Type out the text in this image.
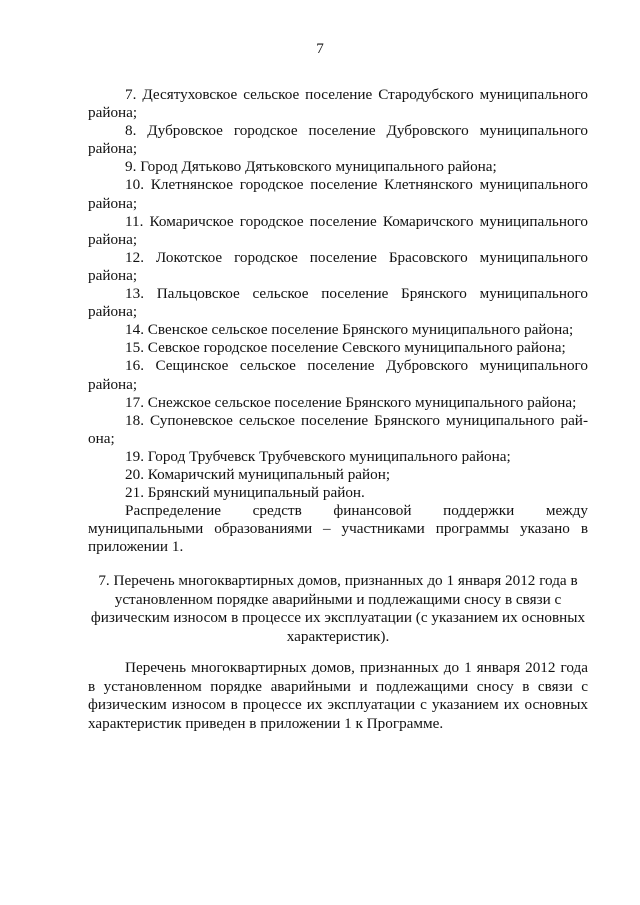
7
7. Десятуховское сельское поселение Стародубского муниципального
района;
8. Дубровское городское поселение Дубровского муниципального
района;
9. Город Дятьково Дятьковского муниципального района;
10. Клетнянское городское поселение Клетнянского муниципального
района;
11. Комаричское городское поселение Комаричского муниципального
района;
12. Локотское городское поселение Брасовского муниципального
района;
13. Пальцовское сельское поселение Брянского муниципального
района;
14. Свенское сельское поселение Брянского муниципального района;
15. Севское городское поселение Севского муниципального района;
16. Сещинское сельское поселение Дубровского муниципального
района;
17. Снежское сельское поселение Брянского муниципального района;
18. Супоневское сельское поселение Брянского муниципального рай-
она;
19. Город Трубчевск Трубчевского муниципального района;
20. Комаричский муниципальный район;
21. Брянский муниципальный район.
Распределение средств финансовой поддержки между
муниципальными образованиями – участниками программы указано в
приложении 1.
7. Перечень многоквартирных домов, признанных до 1 января 2012 года в
установленном порядке аварийными и подлежащими сносу в связи с
физическим износом в процессе их эксплуатации (с указанием их основных
характеристик).
Перечень многоквартирных домов, признанных до 1 января 2012 года в установленном порядке аварийными и подлежащими сносу в связи с физическим износом в процессе их эксплуатации с указанием их основных характеристик приведен в приложении 1 к Программе.
